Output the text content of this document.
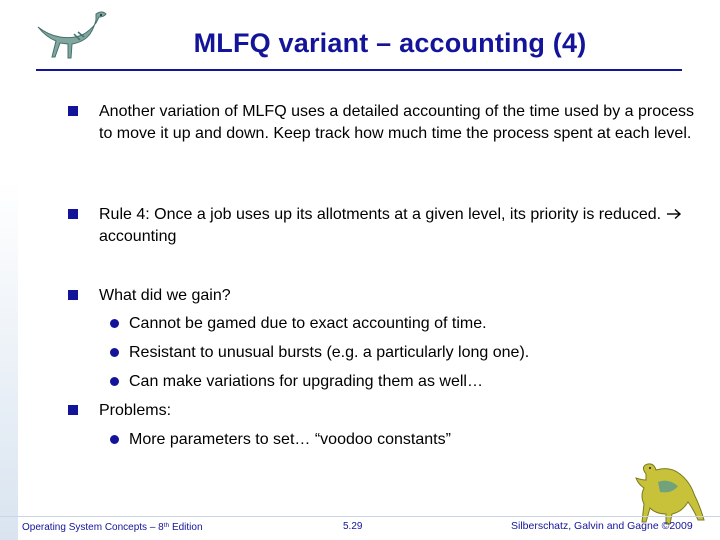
MLFQ variant – accounting (4)
Another variation of MLFQ uses a detailed accounting of the time used by a process to move it up and down. Keep track how much time the process spent at each level.
Rule 4: Once a job uses up its allotments at a given level, its priority is reduced. accounting
What did we gain?
Cannot be gamed due to exact accounting of time.
Resistant to unusual bursts (e.g. a particularly long one).
Can make variations for upgrading them as well…
Problems:
More parameters to set… “voodoo constants”
Operating System Concepts – 8th Edition	5.29	Silberschatz, Galvin and Gagne ©2009
